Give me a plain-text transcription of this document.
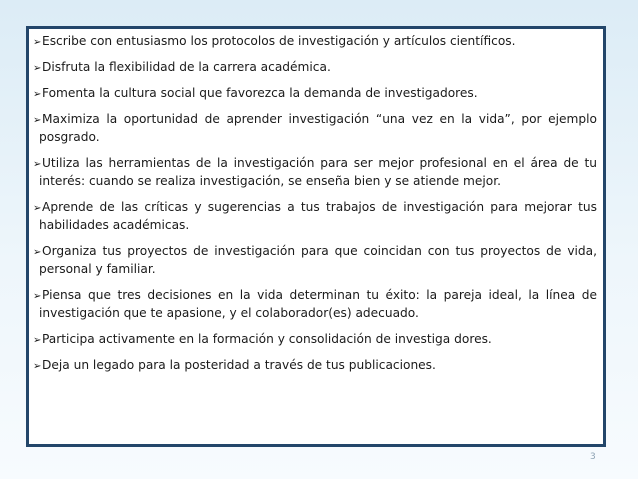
➢Escribe con entusiasmo los protocolos de investigación y artículos científicos.
➢Disfruta la flexibilidad de la carrera académica.
➢Fomenta la cultura social que favorezca la demanda de investigadores.
➢Maximiza la oportunidad de aprender investigación “una vez en la vida”, por ejemplo posgrado.
➢Utiliza las herramientas de la investigación para ser mejor profesional en el área de tu interés: cuando se realiza investigación, se enseña bien y se atiende mejor.
➢Aprende de las críticas y sugerencias a tus trabajos de investigación para mejorar tus habilidades académicas.
➢Organiza tus proyectos de investigación para que coincidan con tus proyectos de vida, personal y familiar.
➢Piensa que tres decisiones en la vida determinan tu éxito: la pareja ideal, la línea de investigación que te apasione, y el colaborador(es) adecuado.
➢Participa activamente en la formación y consolidación de investiga dores.
➢Deja un legado para la posteridad a través de tus publicaciones.
3
